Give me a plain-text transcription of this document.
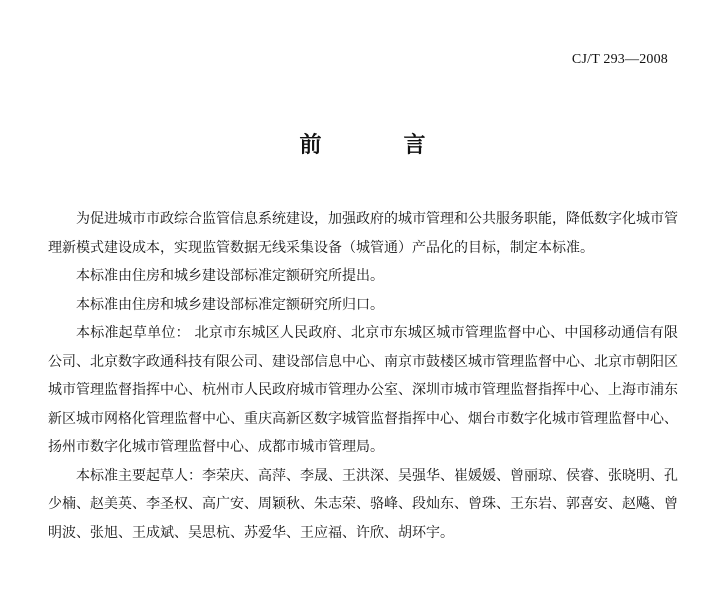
CJ/T 293—2008
前　言

为促进城市市政综合监管信息系统建设，加强政府的城市管理和公共服务职能，降低数字化城市管理新模式建设成本，实现监管数据无线采集设备（城管通）产品化的目标，制定本标准。

本标准由住房和城乡建设部标准定额研究所提出。

本标准由住房和城乡建设部标准定额研究所归口。

本标准起草单位： 北京市东城区人民政府、北京市东城区城市管理监督中心、中国移动通信有限公司、北京数字政通科技有限公司、建设部信息中心、南京市鼓楼区城市管理监督中心、北京市朝阳区城市管理监督指挥中心、杭州市人民政府城市管理办公室、深圳市城市管理监督指挥中心、上海市浦东新区城市网格化管理监督中心、重庆高新区数字城管监督指挥中心、烟台市数字化城市管理监督中心、扬州市数字化城市管理监督中心、成都市城市管理局。

本标准主要起草人：李荣庆、高萍、李晟、王洪深、吴强华、崔媛媛、曾丽琼、侯睿、张晓明、孔少楠、赵美英、李圣权、高广安、周颖秋、朱志荣、骆峰、段灿东、曾珠、王东岩、郭喜安、赵飚、曾明波、张旭、王成斌、吴思杭、苏爱华、王应福、许欣、胡环宇。
